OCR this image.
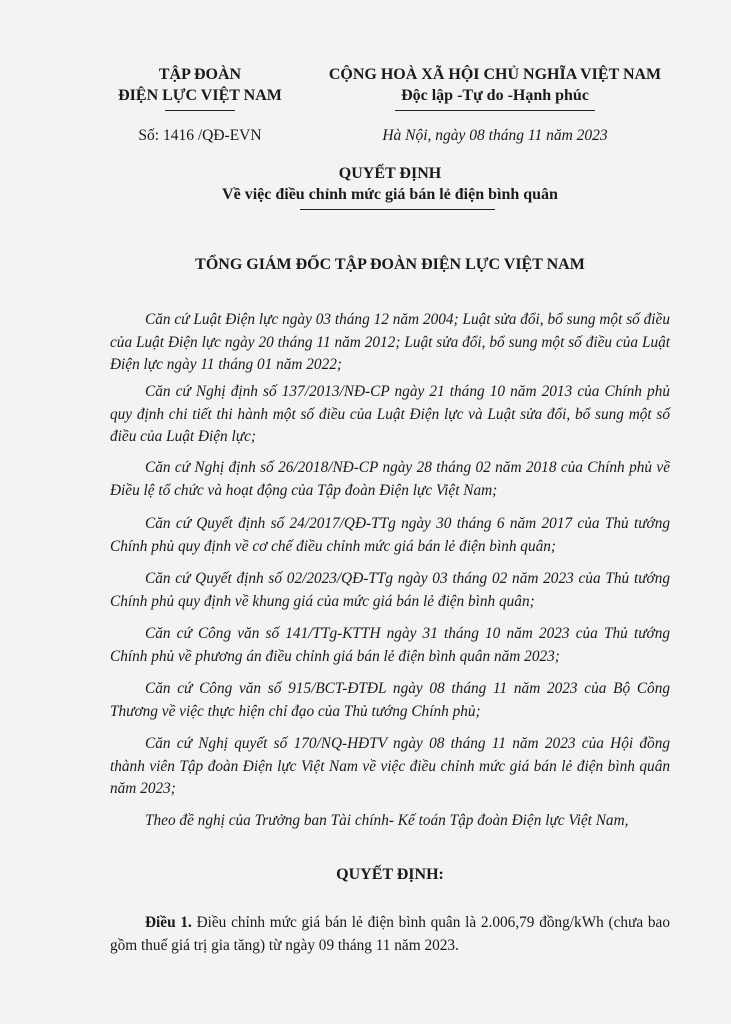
TẬP ĐOÀN
ĐIỆN LỰC VIỆT NAM
Số: 1416 /QĐ-EVN
CỘNG HOÀ XÃ HỘI CHỦ NGHĨA VIỆT NAM
Độc lập -Tự do -Hạnh phúc
Hà Nội, ngày 08 tháng 11 năm 2023
QUYẾT ĐỊNH
Về việc điều chỉnh mức giá bán lẻ điện bình quân
TỔNG GIÁM ĐỐC TẬP ĐOÀN ĐIỆN LỰC VIỆT NAM
Căn cứ Luật Điện lực ngày 03 tháng 12 năm 2004; Luật sửa đổi, bổ sung một số điều của Luật Điện lực ngày 20 tháng 11 năm 2012; Luật sửa đổi, bổ sung một số điều của Luật Điện lực ngày 11 tháng 01 năm 2022;
Căn cứ Nghị định số 137/2013/NĐ-CP ngày 21 tháng 10 năm 2013 của Chính phủ quy định chi tiết thi hành một số điều của Luật Điện lực và Luật sửa đổi, bổ sung một số điều của Luật Điện lực;
Căn cứ Nghị định số 26/2018/NĐ-CP ngày 28 tháng 02 năm 2018 của Chính phủ về Điều lệ tổ chức và hoạt động của Tập đoàn Điện lực Việt Nam;
Căn cứ Quyết định số 24/2017/QĐ-TTg ngày 30 tháng 6 năm 2017 của Thủ tướng Chính phủ quy định về cơ chế điều chỉnh mức giá bán lẻ điện bình quân;
Căn cứ Quyết định số 02/2023/QĐ-TTg ngày 03 tháng 02 năm 2023 của Thủ tướng Chính phủ quy định về khung giá của mức giá bán lẻ điện bình quân;
Căn cứ Công văn số 141/TTg-KTTH ngày 31 tháng 10 năm 2023 của Thủ tướng Chính phủ về phương án điều chỉnh giá bán lẻ điện bình quân năm 2023;
Căn cứ Công văn số 915/BCT-ĐTĐL ngày 08 tháng 11 năm 2023 của Bộ Công Thương về việc thực hiện chỉ đạo của Thủ tướng Chính phủ;
Căn cứ Nghị quyết số 170/NQ-HĐTV ngày 08 tháng 11 năm 2023 của Hội đồng thành viên Tập đoàn Điện lực Việt Nam về việc điều chỉnh mức giá bán lẻ điện bình quân năm 2023;
Theo đề nghị của Trưởng ban Tài chính- Kế toán Tập đoàn Điện lực Việt Nam,
QUYẾT ĐỊNH:
Điều 1. Điều chỉnh mức giá bán lẻ điện bình quân là 2.006,79 đồng/kWh (chưa bao gồm thuế giá trị gia tăng) từ ngày 09 tháng 11 năm 2023.
